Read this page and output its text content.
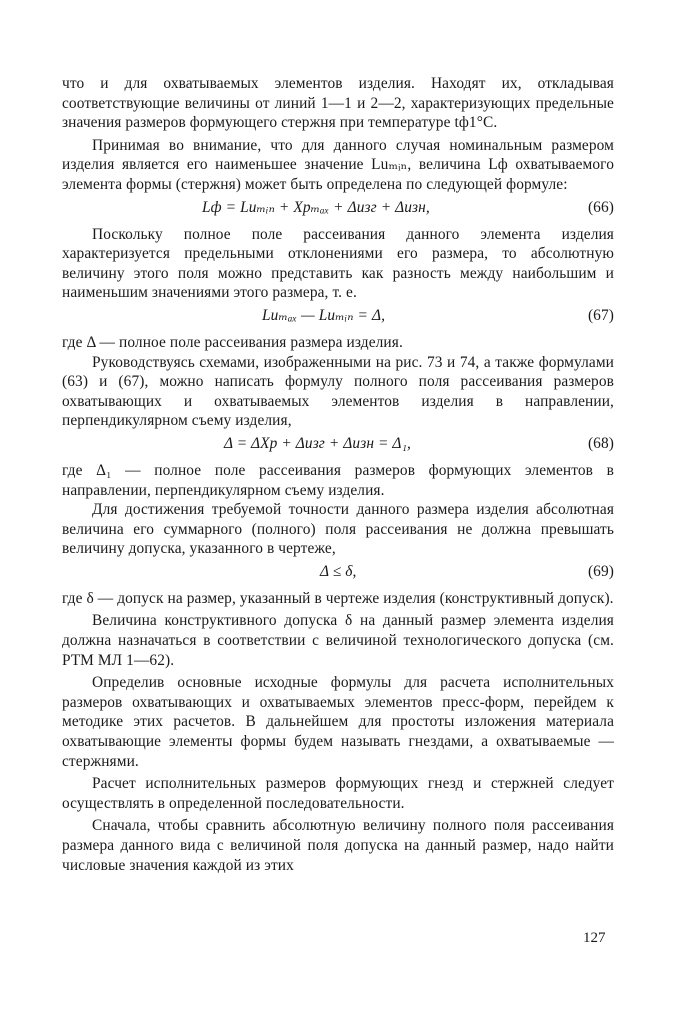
что и для охватываемых элементов изделия. Находят их, откладывая соответствующие величины от линий 1—1 и 2—2, характеризующих предельные значения размеров формующего стержня при температуре tф1°С.

Принимая во внимание, что для данного случая номинальным размером изделия является его наименьшее значение Luₘᵢₙ, величина Lф охватываемого элемента формы (стержня) может быть определена по следующей формуле:

Lф = Luₘᵢₙ + Xpₘₐₓ + Δизг + Δизн,	(66)

Поскольку полное поле рассеивания данного элемента изделия характеризуется предельными отклонениями его размера, то абсолютную величину этого поля можно представить как разность между наибольшим и наименьшим значениями этого размера, т. е.

Luₘₐₓ — Luₘᵢₙ = Δ,	(67)

где Δ — полное поле рассеивания размера изделия.

Руководствуясь схемами, изображенными на рис. 73 и 74, а также формулами (63) и (67), можно написать формулу полного поля рассеивания размеров охватывающих и охватываемых элементов изделия в направлении, перпендикулярном съему изделия,

Δ = ΔXp + Δизг + Δизн = Δ₁,	(68)

где Δ₁ — полное поле рассеивания размеров формующих элементов в направлении, перпендикулярном съему изделия.

Для достижения требуемой точности данного размера изделия абсолютная величина его суммарного (полного) поля рассеивания не должна превышать величину допуска, указанного в чертеже,

Δ ≤ δ,	(69)

где δ — допуск на размер, указанный в чертеже изделия (конструктивный допуск).

Величина конструктивного допуска δ на данный размер элемента изделия должна назначаться в соответствии с величиной технологического допуска (см. РТМ МЛ 1—62).

Определив основные исходные формулы для расчета исполнительных размеров охватывающих и охватываемых элементов пресс-форм, перейдем к методике этих расчетов. В дальнейшем для простоты изложения материала охватывающие элементы формы будем называть гнездами, а охватываемые — стержнями.

Расчет исполнительных размеров формующих гнезд и стержней следует осуществлять в определенной последовательности.

Сначала, чтобы сравнить абсолютную величину полного поля рассеивания размера данного вида с величиной поля допуска на данный размер, надо найти числовые значения каждой из этих

127
